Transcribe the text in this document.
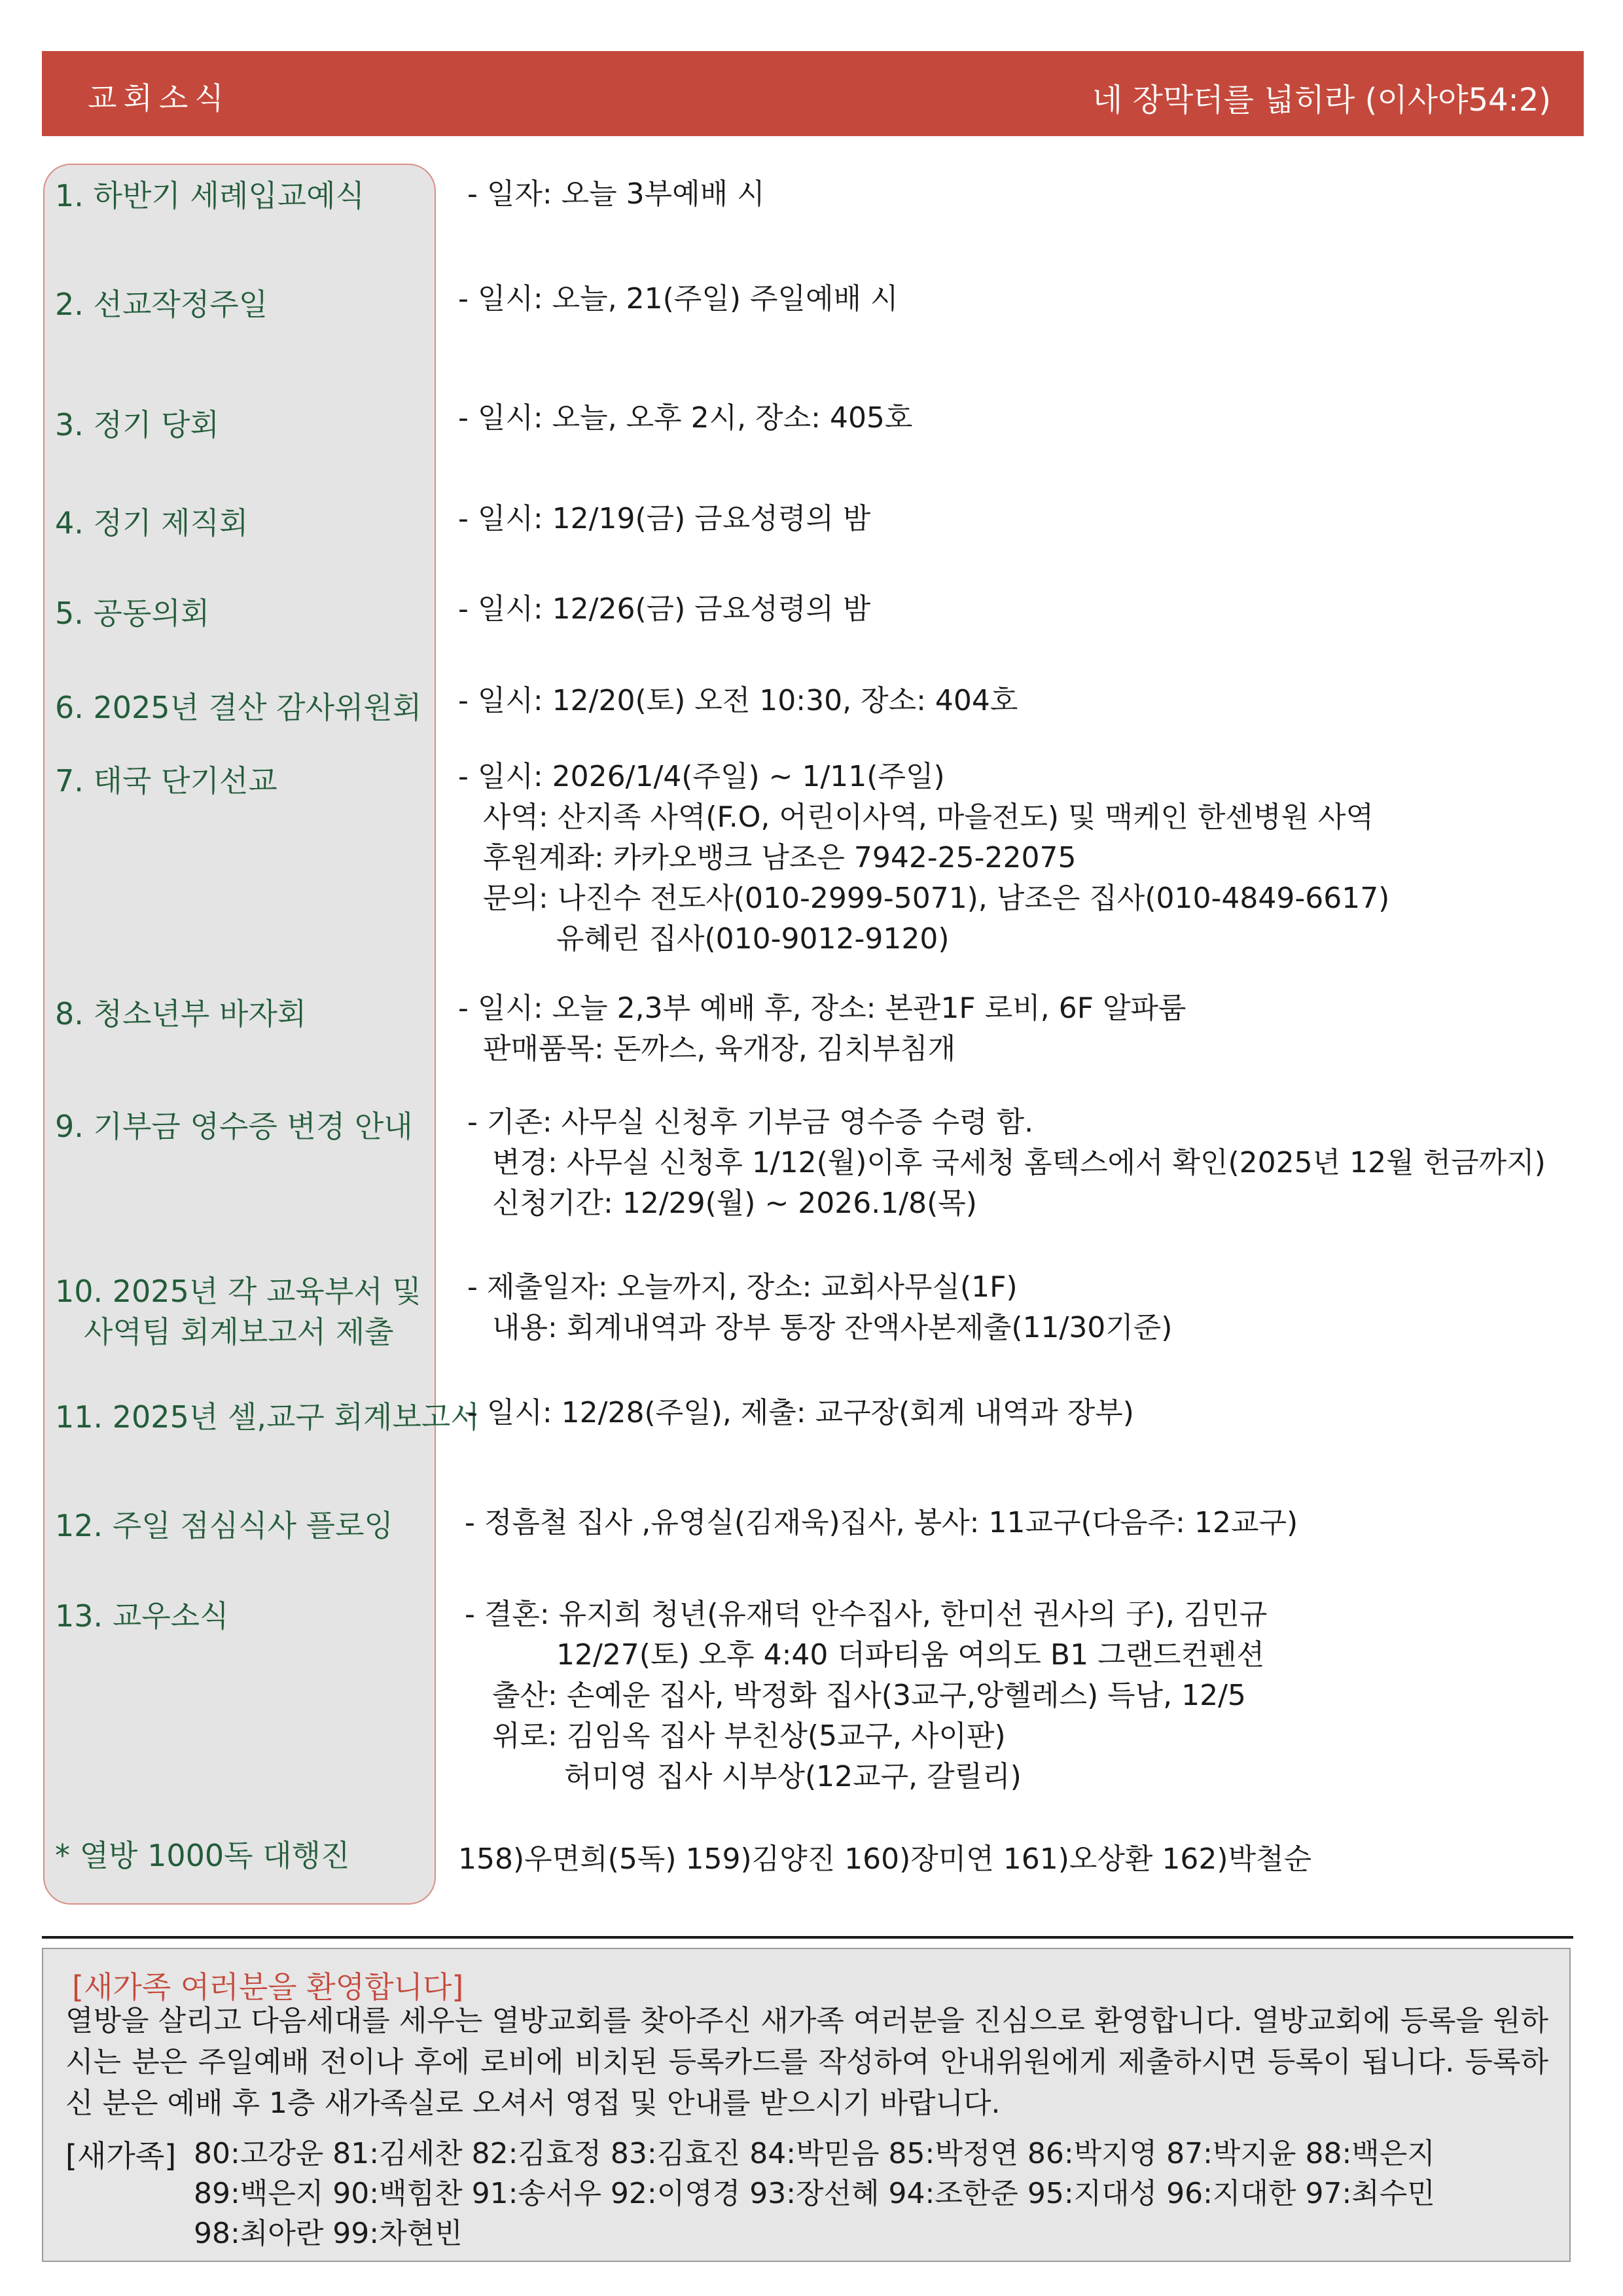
교회소식	네 장막터를 넓히라 (이사야54:2)
1. 하반기 세례입교예식	- 일자: 오늘 3부예배 시
2. 선교작정주일	- 일시: 오늘, 21(주일) 주일예배 시
3. 정기 당회	- 일시: 오늘, 오후 2시, 장소: 405호
4. 정기 제직회	- 일시: 12/19(금) 금요성령의 밤
5. 공동의회	- 일시: 12/26(금) 금요성령의 밤
6. 2025년 결산 감사위원회 - 일시: 12/20(토) 오전 10:30, 장소: 404호
7. 태국 단기선교	- 일시: 2026/1/4(주일) ~ 1/11(주일)
사역: 산지족 사역(F.O, 어린이사역, 마을전도) 및 맥케인 한센병원 사역
후원계좌: 카카오뱅크 남조은 7942-25-22075
문의: 나진수 전도사(010-2999-5071), 남조은 집사(010-4849-6617)
유혜린 집사(010-9012-9120)
8. 청소년부 바자회	- 일시: 오늘 2,3부 예배 후, 장소: 본관1F 로비, 6F 알파룸
판매품목: 돈까스, 육개장, 김치부침개
9. 기부금 영수증 변경 안내 - 기존: 사무실 신청후 기부금 영수증 수령 함.
변경: 사무실 신청후 1/12(월)이후 국세청 홈텍스에서 확인(2025년 12월 헌금까지)
신청기간: 12/29(월) ~ 2026.1/8(목)
10. 2025년 각 교육부서 및
사역팀 회계보고서 제출
- 제출일자: 오늘까지, 장소: 교회사무실(1F)
내용: 회계내역과 장부 통장 잔액사본제출(11/30기준)
11. 2025년 셀,교구 회계보고서
- 일시: 12/28(주일), 제출: 교구장(회계 내역과 장부)
12. 주일 점심식사 플로잉 - 정흠철 집사 ,유영실(김재욱)집사, 봉사: 11교구(다음주: 12교구)
13. 교우소식	- 결혼: 유지희 청년(유재덕 안수집사, 한미선 권사의 子), 김민규
12/27(토) 오후 4:40 더파티움 여의도 B1 그랜드컨펜션
출산: 손예운 집사, 박정화 집사(3교구,앙헬레스) 득남, 12/5
위로: 김임옥 집사 부친상(5교구, 사이판)
허미영 집사 시부상(12교구, 갈릴리)
* 열방 1000독 대행진	158)우면희(5독) 159)김양진 160)장미연 161)오상환 162)박철순
[새가족 여러분을 환영합니다]
열방을 살리고 다음세대를 세우는 열방교회를 찾아주신 새가족 여러분을 진심으로 환영합니다. 열방교회에 등록을 원하시는 분은 주일예배 전이나 후에 로비에 비치된 등록카드를 작성하여 안내위원에게 제출하시면 등록이 됩니다. 등록하신 분은 예배 후 1층 새가족실로 오셔서 영접 및 안내를 받으시기 바랍니다.
[새가족] 80:고강운 81:김세찬 82:김효정 83:김효진 84:박믿음 85:박정연 86:박지영 87:박지윤 88:백은지
89:백은지 90:백힘찬 91:송서우 92:이영경 93:장선혜 94:조한준 95:지대성 96:지대한 97:최수민
98:최아란 99:차현빈
